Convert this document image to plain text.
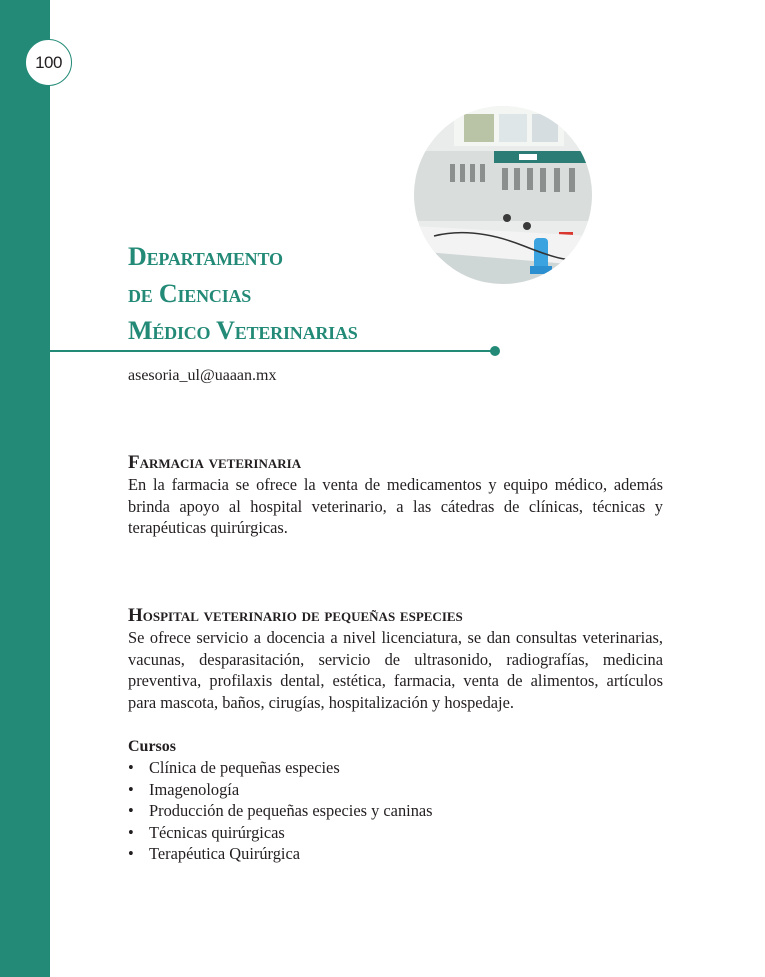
100
Departamento
de Ciencias
Médico Veterinarias
asesoria_ul@uaaan.mx
Farmacia veterinaria

En la farmacia se ofrece la venta de medicamentos y equipo médico, además brinda apoyo al hospital veterinario, a las cátedras de clínicas, técnicas y terapéuticas quirúrgicas.

Hospital veterinario de pequeñas especies

Se ofrece servicio a docencia a nivel licenciatura, se dan consultas veterinarias, vacunas, desparasitación, servicio de ultrasonido, radiografías, medicina preventiva, profilaxis dental, estética, farmacia, venta de alimentos, artículos para mascota, baños, cirugías, hospitalización y hospedaje.

Cursos
• Clínica de pequeñas especies
• Imagenología
• Producción de pequeñas especies y caninas
• Técnicas quirúrgicas
• Terapéutica Quirúrgica
